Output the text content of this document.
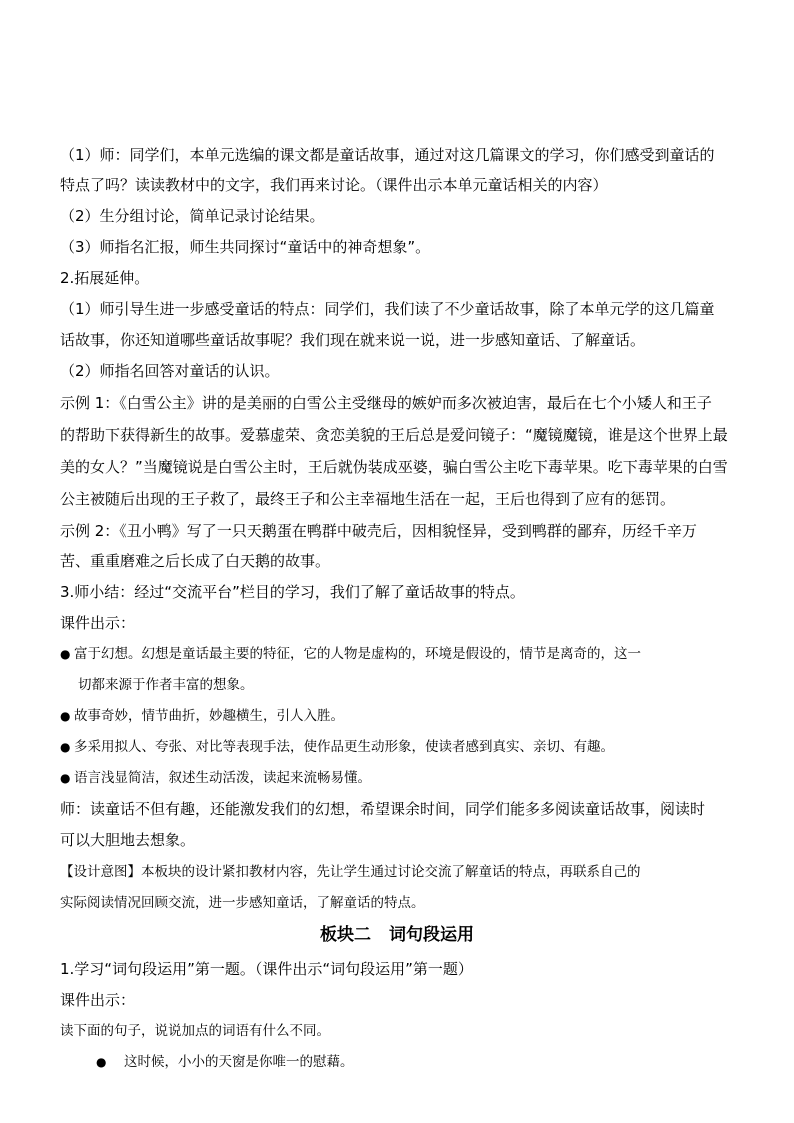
（1）师：同学们，本单元选编的课文都是童话故事，通过对这几篇课文的学习，你们感受到童话的
特点了吗？读读教材中的文字，我们再来讨论。（课件出示本单元童话相关的内容）
（2）生分组讨论，简单记录讨论结果。
（3）师指名汇报，师生共同探讨“童话中的神奇想象”。
2.拓展延伸。
（1）师引导生进一步感受童话的特点：同学们，我们读了不少童话故事，除了本单元学的这几篇童
话故事，你还知道哪些童话故事呢？我们现在就来说一说，进一步感知童话、了解童话。
（2）师指名回答对童话的认识。
示例 1：《白雪公主》讲的是美丽的白雪公主受继母的嫉妒而多次被迫害，最后在七个小矮人和王子
的帮助下获得新生的故事。爱慕虚荣、贪恋美貌的王后总是爱问镜子：“魔镜魔镜，谁是这个世界上最
美的女人？”当魔镜说是白雪公主时，王后就伪装成巫婆，骗白雪公主吃下毒苹果。吃下毒苹果的白雪
公主被随后出现的王子救了，最终王子和公主幸福地生活在一起，王后也得到了应有的惩罚。
示例 2：《丑小鸭》写了一只天鹅蛋在鸭群中破壳后，因相貌怪异，受到鸭群的鄙弃，历经千辛万
苦、重重磨难之后长成了白天鹅的故事。
3.师小结：经过“交流平台”栏目的学习，我们了解了童话故事的特点。
课件出示：
● 富于幻想。幻想是童话最主要的特征，它的人物是虚构的，环境是假设的，情节是离奇的，这一
切都来源于作者丰富的想象。
● 故事奇妙，情节曲折，妙趣横生，引人入胜。
● 多采用拟人、夸张、对比等表现手法，使作品更生动形象，使读者感到真实、亲切、有趣。
● 语言浅显简洁，叙述生动活泼，读起来流畅易懂。
师：读童话不但有趣，还能激发我们的幻想，希望课余时间，同学们能多多阅读童话故事，阅读时
可以大胆地去想象。
【设计意图】本板块的设计紧扣教材内容，先让学生通过讨论交流了解童话的特点，再联系自己的
实际阅读情况回顾交流，进一步感知童话，了解童话的特点。
板块二 词句段运用
1.学习“词句段运用”第一题。（课件出示“词句段运用”第一题）
课件出示：
读下面的句子，说说加点的词语有什么不同。
● 这时候，小小的天窗是你唯一的慰藉。
